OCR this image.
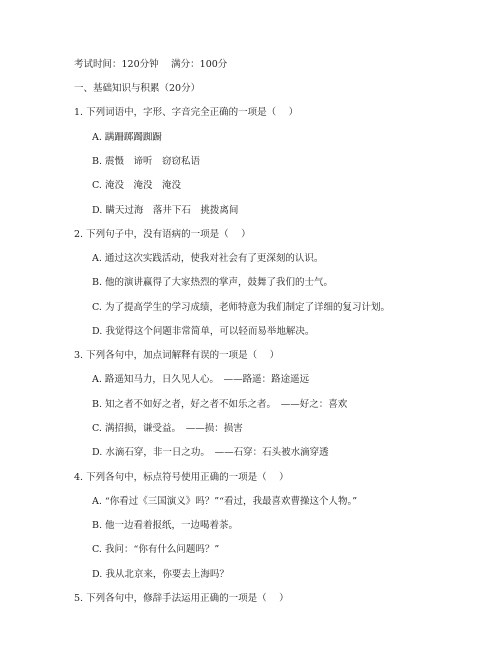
考试时间：120分钟　 满分：100分
一、基础知识与积累（20分）
1. 下列词语中，字形、字音完全正确的一项是（　 ）
A. 蹒跚踯躅踟蹰
B. 震慑　谛听　窃窃私语
C. 淹没　淹没　淹没
D. 瞒天过海　落井下石　挑拨离间
2. 下列句子中，没有语病的一项是（　 ）
A. 通过这次实践活动，使我对社会有了更深刻的认识。
B. 他的演讲赢得了大家热烈的掌声，鼓舞了我们的士气。
C. 为了提高学生的学习成绩，老师特意为我们制定了详细的复习计划。
D. 我觉得这个问题非常简单，可以轻而易举地解决。
3. 下列各句中，加点词解释有误的一项是（　 ）
A. 路遥知马力，日久见人心。　——路遥：路途遥远
B. 知之者不如好之者，好之者不如乐之者。　——好之：喜欢
C. 满招损，谦受益。　——损：损害
D. 水滴石穿，非一日之功。　——石穿：石头被水滴穿透
4. 下列各句中，标点符号使用正确的一项是（　 ）
A. “你看过《三国演义》吗？”“看过，我最喜欢曹操这个人物。”
B. 他一边看着报纸，一边喝着茶。
C. 我问：“你有什么问题吗？”
D. 我从北京来，你要去上海吗？
5. 下列各句中，修辞手法运用正确的一项是（　 ）
